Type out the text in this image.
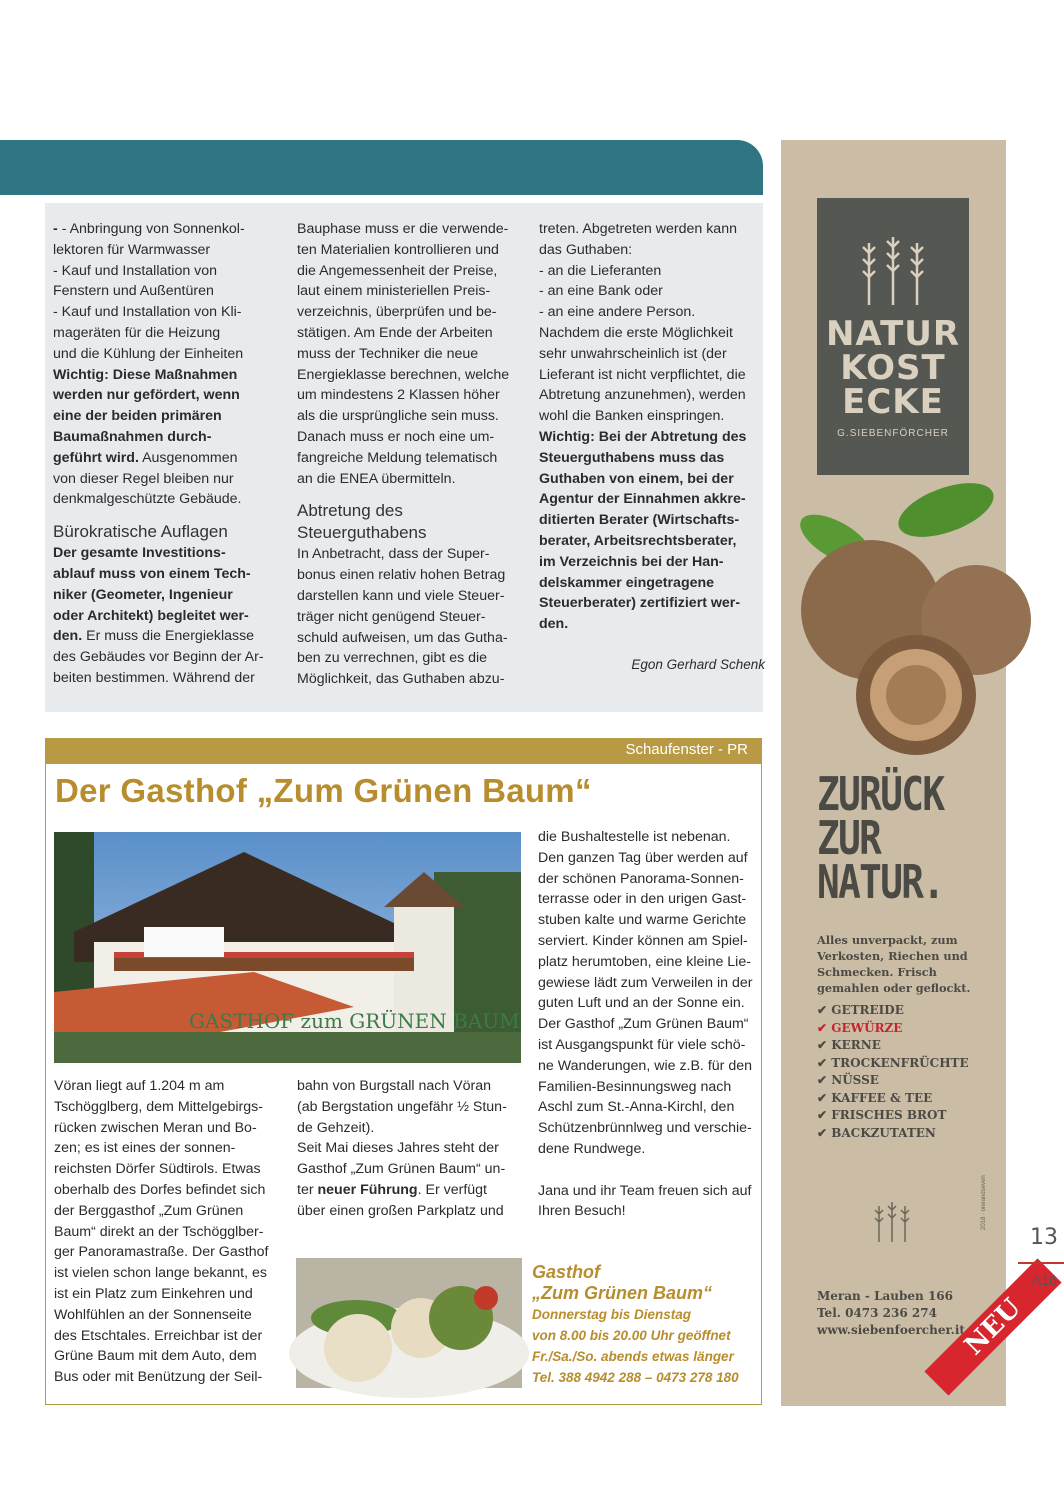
- - Anbringung von Sonnenkol-
lektoren für Warmwasser
- Kauf und Installation von
Fenstern und Außentüren
- Kauf und Installation von Kli-
mageräten für die Heizung
und die Kühlung der Einheiten
Wichtig: Diese Maßnahmen
werden nur gefördert, wenn
eine der beiden primären
Baumaßnahmen durch-
geführt wird. Ausgenommen
von dieser Regel bleiben nur
denkmalgeschützte Gebäude.

Bürokratische Auflagen

Der gesamte Investitions-
ablauf muss von einem Tech-
niker (Geometer, Ingenieur
oder Architekt) begleitet wer-
den. Er muss die Energieklasse
des Gebäudes vor Beginn der Ar-
beiten bestimmen. Während der
Bauphase muss er die verwende-
ten Materialien kontrollieren und
die Angemessenheit der Preise,
laut einem ministeriellen Preis-
verzeichnis, überprüfen und be-
stätigen. Am Ende der Arbeiten
muss der Techniker die neue
Energieklasse berechnen, welche
um mindestens 2 Klassen höher
als die ursprüngliche sein muss.
Danach muss er noch eine um-
fangreiche Meldung telematisch
an die ENEA übermitteln.

Abtretung des

Steuerguthabens

In Anbetracht, dass der Super-
bonus einen relativ hohen Betrag
darstellen kann und viele Steuer-
träger nicht genügend Steuer-
schuld aufweisen, um das Gutha-
ben zu verrechnen, gibt es die
Möglichkeit, das Guthaben abzu-
treten. Abgetreten werden kann
das Guthaben:
- an die Lieferanten
- an eine Bank oder
- an eine andere Person.
Nachdem die erste Möglichkeit
sehr unwahrscheinlich ist (der
Lieferant ist nicht verpflichtet, die
Abtretung anzunehmen), werden
wohl die Banken einspringen.
Wichtig: Bei der Abtretung des
Steuerguthabens muss das
Guthaben von einem, bei der
Agentur der Einnahmen akkre-
ditierten Berater (Wirtschafts-
berater, Arbeitsrechtsberater,
im Verzeichnis bei der Han-
delskammer eingetragene
Steuerberater) zertifiziert wer-
den.
Egon Gerhard Schenk
Schaufenster - PR
Der Gasthof „Zum Grünen Baum“
GASTHOF zum GRÜNEN BAUM
Vöran liegt auf 1.204 m am
Tschögglberg, dem Mittelgebirgs-
rücken zwischen Meran und Bo-
zen; es ist eines der sonnen-
reichsten Dörfer Südtirols. Etwas
oberhalb des Dorfes befindet sich
der Berggasthof „Zum Grünen
Baum“ direkt an der Tschögglber-
ger Panoramastraße. Der Gasthof
ist vielen schon lange bekannt, es
ist ein Platz zum Einkehren und
Wohlfühlen an der Sonnenseite
des Etschtales. Erreichbar ist der
Grüne Baum mit dem Auto, dem
Bus oder mit Benützung der Seil-
bahn von Burgstall nach Vöran
(ab Bergstation ungefähr ½ Stun-
de Gehzeit).
Seit Mai dieses Jahres steht der
Gasthof „Zum Grünen Baum“ un-
ter neuer Führung. Er verfügt
über einen großen Parkplatz und
die Bushaltestelle ist nebenan.
Den ganzen Tag über werden auf
der schönen Panorama-Sonnen-
terrasse oder in den urigen Gast-
stuben kalte und warme Gerichte
serviert. Kinder können am Spiel-
platz herumtoben, eine kleine Lie-
gewiese lädt zum Verweilen in der
guten Luft und an der Sonne ein.
Der Gasthof „Zum Grünen Baum“
ist Ausgangspunkt für viele schö-
ne Wanderungen, wie z.B. für den
Familien-Besinnungsweg nach
Aschl zum St.-Anna-Kirchl, den
Schützenbrünnlweg und verschie-
dene Rundwege.
Jana und ihr Team freuen sich auf
Ihren Besuch!
Gasthof
„Zum Grünen Baum“
Donnerstag bis Dienstag
von 8.00 bis 20.00 Uhr geöffnet
Fr./Sa./So. abends etwas länger
Tel. 388 4942 288 – 0473 278 180
NATUR
KOST
ECKE
G.SIEBENFÖRCHER
ZURÜCK
ZUR
NATUR.
Alles unverpackt, zum Verkosten, Riechen und Schmecken. Frisch gemahlen oder geflockt.
✔ GETREIDE
✔ GEWÜRZE
✔ KERNE
✔ TROCKENFRÜCHTE
✔ NÜSSE
✔ KAFFEE & TEE
✔ FRISCHES BROT
✔ BACKZUTATEN
2018 · oneandseven
Meran - Lauben 166
Tel. 0473 236 274
www.siebenfoercher.it
NEU
13
A16
